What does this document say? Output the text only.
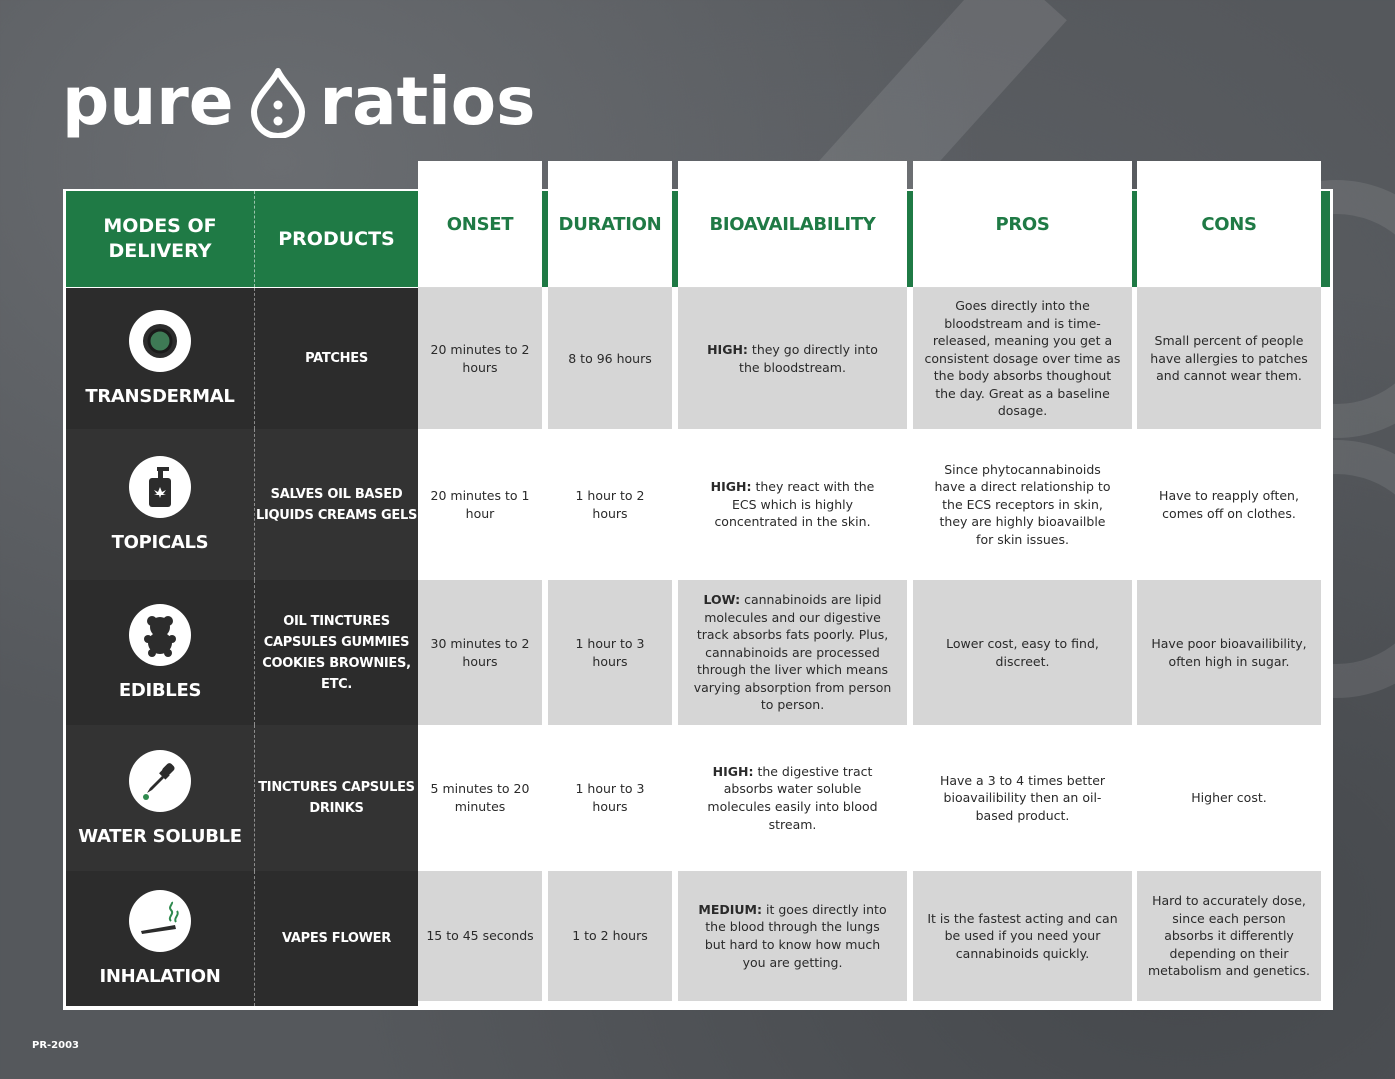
pure ratios
MODES OF DELIVERY
PRODUCTS
TRANSDERMAL
PATCHES
TOPICALS
SALVES OIL BASED LIQUIDS CREAMS GELS
EDIBLES
OIL TINCTURES CAPSULES GUMMIES COOKIES BROWNIES, ETC.
WATER SOLUBLE
TINCTURES CAPSULES DRINKS
INHALATION
VAPES FLOWER
ONSET
20 minutes to 2 hours
20 minutes to 1 hour
30 minutes to 2 hours
5 minutes to 20 minutes
15 to 45 seconds
DURATION
8 to 96 hours
1 hour to 2 hours
1 hour to 3 hours
1 hour to 3 hours
1 to 2 hours
BIOAVAILABILITY
HIGH: they go directly into the bloodstream.
HIGH: they react with the ECS which is highly concentrated in the skin.
LOW: cannabinoids are lipid molecules and our digestive track absorbs fats poorly. Plus, cannabinoids are processed through the liver which means varying absorption from person to person.
HIGH: the digestive tract absorbs water soluble molecules easily into blood stream.
MEDIUM: it goes directly into the blood through the lungs but hard to know how much you are getting.
PROS
Goes directly into the bloodstream and is time-released, meaning you get a consistent dosage over time as the body absorbs thoughout the day. Great as a baseline dosage.
Since phytocannabinoids have a direct relationship to the ECS receptors in skin, they are highly bioavailble for skin issues.
Lower cost, easy to find, discreet.
Have a 3 to 4 times better bioavailibility then an oil-based product.
It is the fastest acting and can be used if you need your cannabinoids quickly.
CONS
Small percent of people have allergies to patches and cannot wear them.
Have to reapply often, comes off on clothes.
Have poor bioavailibility, often high in sugar.
Higher cost.
Hard to accurately dose, since each person absorbs it differently depending on their metabolism and genetics.
PR-2003
